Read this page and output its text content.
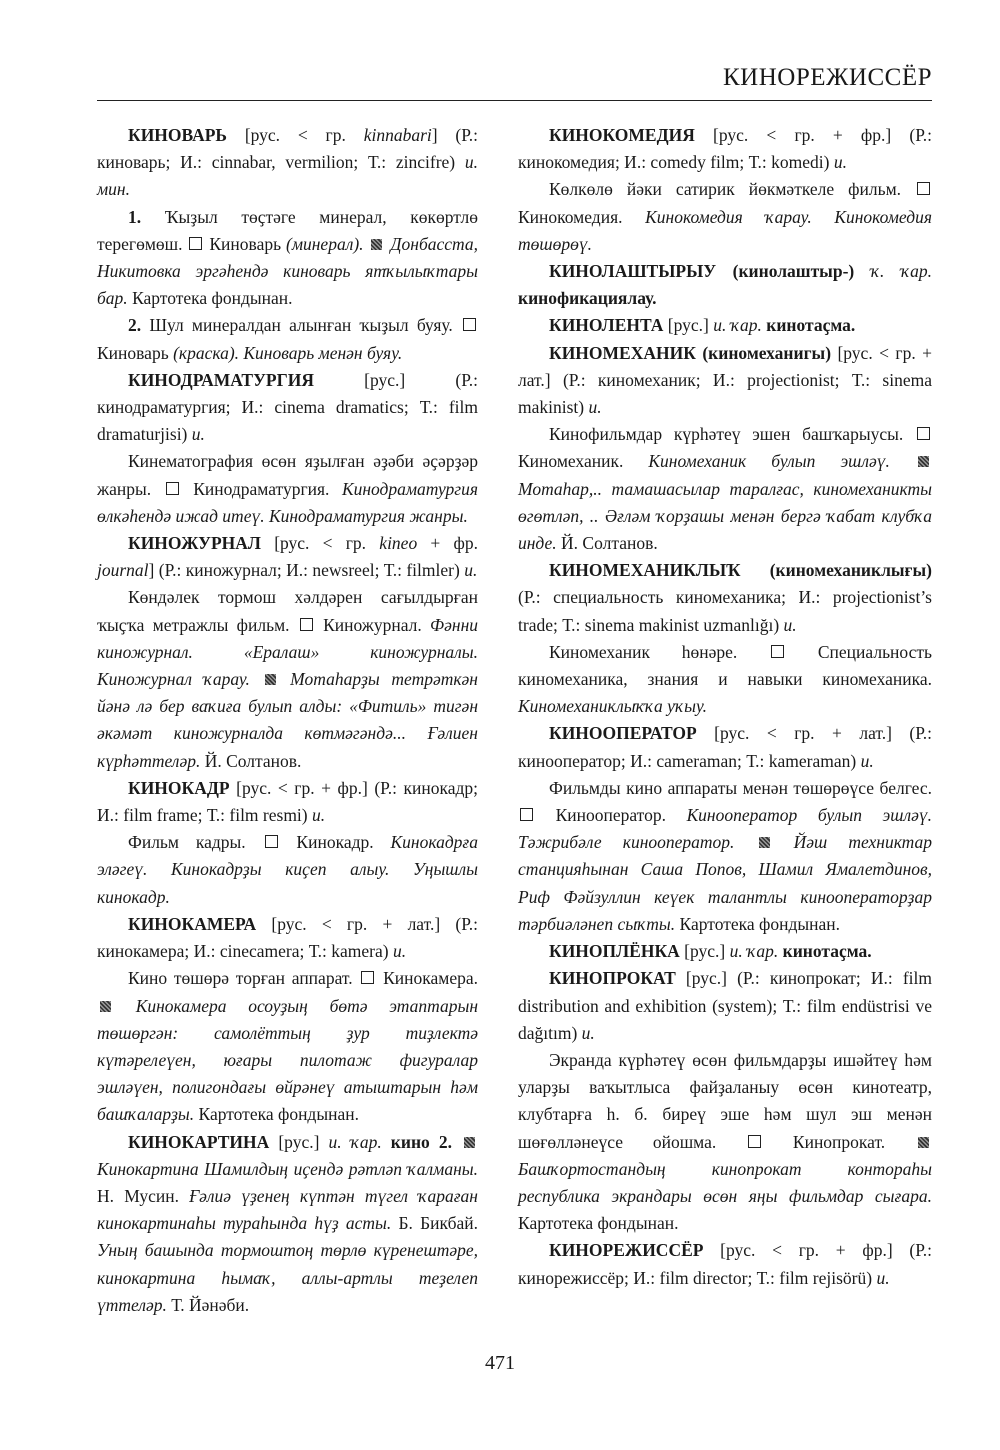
КИНОРЕЖИССЁР

КИНОВАРЬ [рус. < гр. kinnabari] (Р.: киноварь; И.: cinnabar, vermilion; Т.: zincifre) и. мин.

1. Ҡыҙыл төҫтәге минерал, көкөртлө терегөмөш.  Киноварь (минерал). Донбасста, Никитовка эргәһендә киноварь ятҡылыҡтары бар. Картотека фондынан.

2. Шул минералдан алынған ҡыҙыл буяу.  Киноварь (краска). Киноварь менән буяу.

КИНОДРАМАТУРГИЯ [рус.] (Р.: кинодраматургия; И.: cinema dramatics; Т.: film dramaturjisi) и.

Кинематография өсөн яҙылған әҙәби әҫәрҙәр жанры.  Кинодраматургия. Кинодраматургия өлкәһендә ижад итеү. Кинодраматургия жанры.

КИНОЖУРНАЛ [рус. < гр. kineo + фр. journal] (Р.: киножурнал; И.: newsreel; Т.: filmler) и.

Көндәлек тормош хәлдәрен сағылдырған ҡыҫҡа метражлы фильм.  Киножурнал. Фәнни киножурнал. «Ералаш» киножурналы. Киножурнал ҡарау. Мотаһарҙы тетрәткән йәнә лә бер ваҡиға булып алды: «Фитиль» тигән әкәмәт киножурналда көтмәгәндә... Ғәлиен күрһәттеләр. Й. Солтанов.

КИНОКАДР [рус. < гр. + фр.] (Р.: кинокадр; И.: film frame; Т.: film resmi) и.

Фильм кадры.  Кинокадр. Кинокадрға эләгеү. Кинокадрҙы киҫеп алыу. Уңышлы кинокадр.

КИНОКАМЕРА [рус. < гр. + лат.] (Р.: кинокамера; И.: cinecamera; Т.: kamera) и.

Кино төшөрә торған аппарат.  Кинокамера.  Кинокамера осоуҙың бөтә этаптарын төшөргән: самолёттың ҙур тиҙлектә күтәрелеүен, юғары пилотаж фигуралар эшләүен, полигондағы өйрәнеү атыштарын һәм башҡаларҙы. Картотека фондынан.

КИНОКАРТИНА [рус.] и. ҡар. кино 2.  Кинокартина Шамилдың иҫендә рәтләп ҡалманы. Н. Мусин. Ғәлиә үҙенең күптән түгел ҡараған кинокартинаһы тураһында һүҙ асты. Б. Бикбай. Уның башында тормоштоң төрлө күренештәре, кинокартина һымаҡ, аллы-артлы теҙелеп үттеләр. Т. Йәнәби.

КИНОКОМЕДИЯ [рус. < гр. + фр.] (Р.: кинокомедия; И.: comedy film; Т.: komedi) и.

Көлкөлө йәки сатирик йөкмәткеле фильм.  Кинокомедия. Кинокомедия ҡарау. Кинокомедия төшөрөү.

КИНОЛАШТЫРЫУ (кинолаштыр-) ҡ. ҡар. кинофикациялау.

КИНОЛЕНТА [рус.] и. ҡар. кинотаҫма.

КИНОМЕХАНИК (киномеханигы) [рус. < гр. + лат.] (Р.: киномеханик; И.: projectionist; Т.: sinema makinist) и.

Кинофильмдар күрһәтеү эшен башҡарыусы.  Киномеханик. Киномеханик булып эшләү.  Мотаһар,.. тамашасылар таралғас, киномеханикты өгөтләп, .. Әғләм ҡорҙашы менән бергә ҡабат клубҡа инде. Й. Солтанов.

КИНОМЕХАНИКЛЫҠ (киномеханиклығы) (Р.: специальность киномеханика; И.: projectionist’s trade; Т.: sinema makinist uzmanlığı) и.

Киномеханик һөнәре.  Специальность киномеханика, знания и навыки киномеханика. Киномеханиклыҡҡа уҡыу.

КИНООПЕРАТОР [рус. < гр. + лат.] (Р.: кинооператор; И.: cameraman; Т.: kameraman) и.

Фильмды кино аппараты менән төшөрөүсе белгес.  Кинооператор. Кинооператор булып эшләү. Тәжрибәле кинооператор.	Йәш техниктар станцияһынан Саша Попов, Шамил Ямалетдинов, Риф Фәйзуллин кеүек талантлы кинооператорҙар тәрбиәләнеп сыҡты. Картотека фондынан.

КИНОПЛЁНКА [рус.] и. ҡар. кинотаҫма.

КИНОПРОКАТ [рус.] (Р.: кинопрокат; И.: film distribution and exhibition (system); Т.: film endüstrisi ve dağıtım) и.

Экранда күрһәтеү өсөн фильмдарҙы ишәйтеү һәм уларҙы ваҡытлыса файҙаланыу өсөн кинотеатр, клубтарға һ. б. биреү эше һәм шул эш менән шөғөлләнеүсе ойошма.  Кинопрокат.  Башҡортостандың кинопрокат контораһы республика экрандары өсөн яңы фильмдар сығара. Картотека фондынан.

КИНОРЕЖИССЁР [рус. < гр. + фр.] (Р.: кинорежиссёр; И.: film director; Т.: film rejisörü) и.

471
